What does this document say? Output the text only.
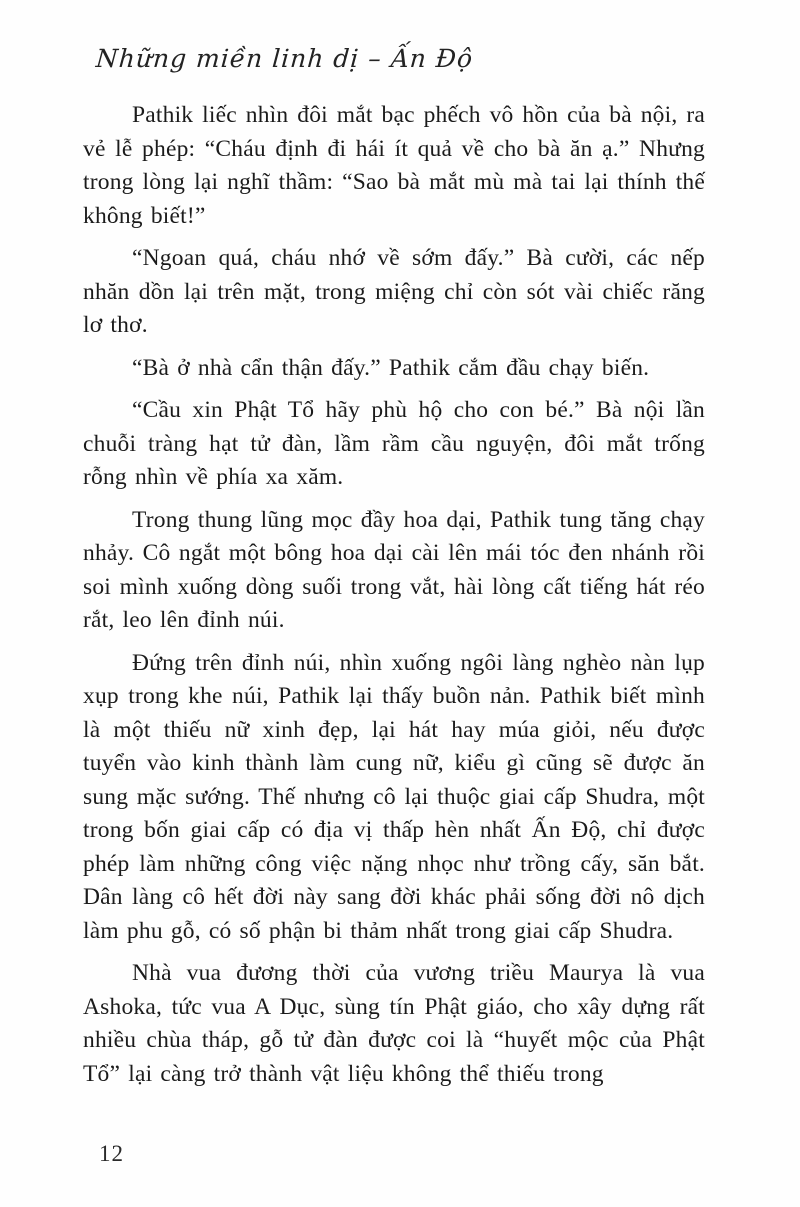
Những miền linh dị – Ấn Độ

Pathik liếc nhìn đôi mắt bạc phếch vô hồn của bà nội, ra vẻ lễ phép: “Cháu định đi hái ít quả về cho bà ăn ạ.” Nhưng trong lòng lại nghĩ thầm: “Sao bà mắt mù mà tai lại thính thế không biết!”

“Ngoan quá, cháu nhớ về sớm đấy.” Bà cười, các nếp nhăn dồn lại trên mặt, trong miệng chỉ còn sót vài chiếc răng lơ thơ.

“Bà ở nhà cẩn thận đấy.” Pathik cắm đầu chạy biến.

“Cầu xin Phật Tổ hãy phù hộ cho con bé.” Bà nội lần chuỗi tràng hạt tử đàn, lầm rầm cầu nguyện, đôi mắt trống rỗng nhìn về phía xa xăm.

Trong thung lũng mọc đầy hoa dại, Pathik tung tăng chạy nhảy. Cô ngắt một bông hoa dại cài lên mái tóc đen nhánh rồi soi mình xuống dòng suối trong vắt, hài lòng cất tiếng hát réo rắt, leo lên đỉnh núi.

Đứng trên đỉnh núi, nhìn xuống ngôi làng nghèo nàn lụp xụp trong khe núi, Pathik lại thấy buồn nản. Pathik biết mình là một thiếu nữ xinh đẹp, lại hát hay múa giỏi, nếu được tuyển vào kinh thành làm cung nữ, kiểu gì cũng sẽ được ăn sung mặc sướng. Thế nhưng cô lại thuộc giai cấp Shudra, một trong bốn giai cấp có địa vị thấp hèn nhất Ấn Độ, chỉ được phép làm những công việc nặng nhọc như trồng cấy, săn bắt. Dân làng cô hết đời này sang đời khác phải sống đời nô dịch làm phu gỗ, có số phận bi thảm nhất trong giai cấp Shudra.

Nhà vua đương thời của vương triều Maurya là vua Ashoka, tức vua A Dục, sùng tín Phật giáo, cho xây dựng rất nhiều chùa tháp, gỗ tử đàn được coi là “huyết mộc của Phật Tổ” lại càng trở thành vật liệu không thể thiếu trong

12
